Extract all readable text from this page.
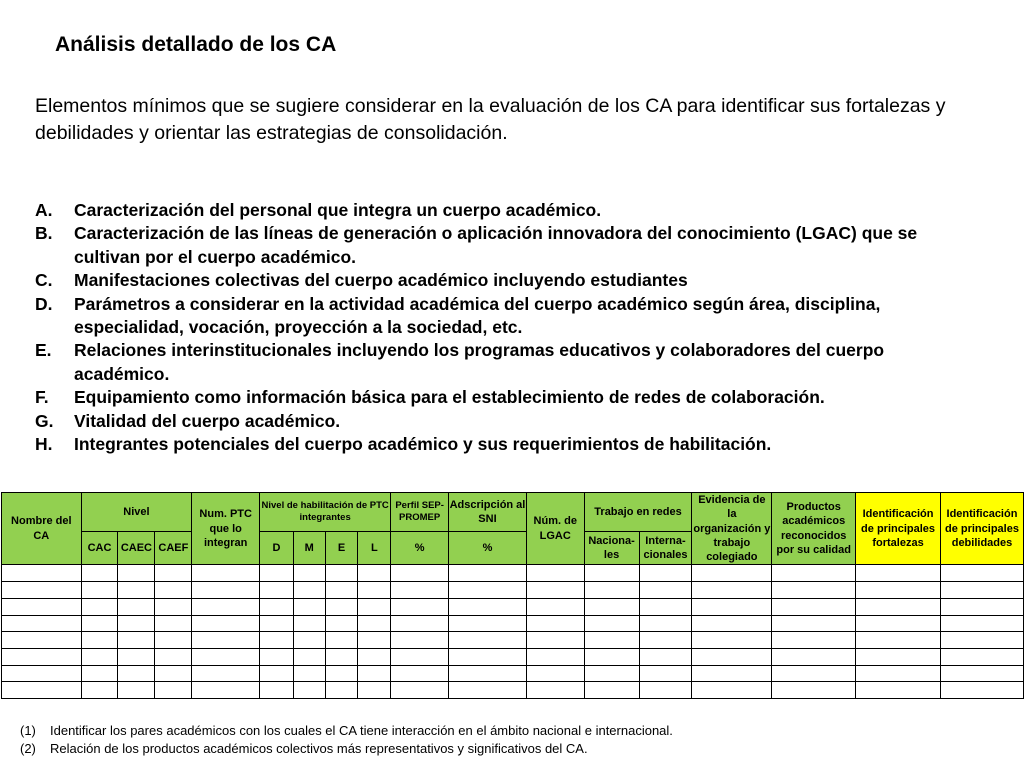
Análisis detallado de los CA
Elementos mínimos que se sugiere considerar en la evaluación de los CA para identificar sus fortalezas y debilidades y orientar las estrategias de consolidación.
A.	Caracterización del personal que integra un cuerpo académico.
B.	Caracterización de las líneas de generación o aplicación innovadora del conocimiento (LGAC) que se cultivan por el cuerpo académico.
C.	Manifestaciones colectivas del cuerpo académico incluyendo estudiantes
D.	Parámetros a considerar en la actividad académica del cuerpo académico según área, disciplina, especialidad, vocación, proyección a la sociedad, etc.
E.	Relaciones interinstitucionales incluyendo los programas educativos y colaboradores del cuerpo académico.
F.	Equipamiento como información básica para el establecimiento de redes de colaboración.
G.	Vitalidad del cuerpo académico.
H.	Integrantes potenciales del cuerpo académico y sus requerimientos de habilitación.
Nombre del CA	Nivel			Num. PTC que lo integran	Nivel de habilitación de PTC integrantes				Perfil SEP-PROMEP	Adscripción al SNI	Núm. de LGAC	Trabajo en redes		Evidencia de la organización y trabajo colegiado	Productos académicos reconocidos por su calidad	Identificación de principales fortalezas	Identificación de principales debilidades
	CAC	CAEC	CAEF		D	M	E	L	%	%		Naciona-les	Interna-cionales				

(1)	Identificar los pares académicos con los cuales el CA tiene interacción en el ámbito nacional e internacional.
(2)	Relación de los productos académicos colectivos más representativos y significativos del CA.
